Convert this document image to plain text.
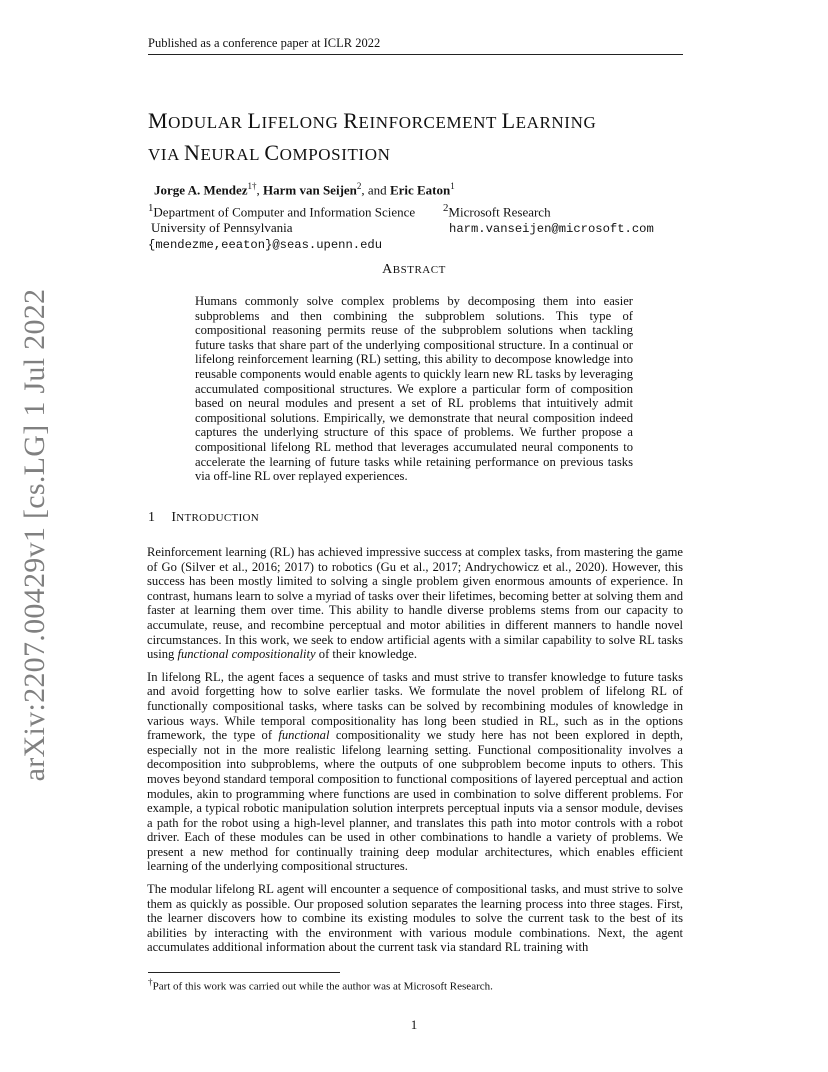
Published as a conference paper at ICLR 2022
arXiv:2207.00429v1 [cs.LG] 1 Jul 2022
MODULAR LIFELONG REINFORCEMENT LEARNING
VIA NEURAL COMPOSITION
Jorge A. Mendez$^{1\dagger}$, Harm van Seijen$^2$, and Eric Eaton$^1$
$^1$Department of Computer and Information Science
University of Pennsylvania
{mendezme,eeaton}@seas.upenn.edu
$^2$Microsoft Research
harm.vanseijen@microsoft.com
ABSTRACT
Humans commonly solve complex problems by decomposing them into easier subproblems and then combining the subproblem solutions. This type of compositional reasoning permits reuse of the subproblem solutions when tackling future tasks that share part of the underlying compositional structure. In a continual or lifelong reinforcement learning (RL) setting, this ability to decompose knowledge into reusable components would enable agents to quickly learn new RL tasks by leveraging accumulated compositional structures. We explore a particular form of composition based on neural modules and present a set of RL problems that intuitively admit compositional solutions. Empirically, we demonstrate that neural composition indeed captures the underlying structure of this space of problems. We further propose a compositional lifelong RL method that leverages accumulated neural components to accelerate the learning of future tasks while retaining performance on previous tasks via off-line RL over replayed experiences.
1 INTRODUCTION

Reinforcement learning (RL) has achieved impressive success at complex tasks, from mastering the game of Go (Silver et al., 2016; 2017) to robotics (Gu et al., 2017; Andrychowicz et al., 2020). However, this success has been mostly limited to solving a single problem given enormous amounts of experience. In contrast, humans learn to solve a myriad of tasks over their lifetimes, becoming better at solving them and faster at learning them over time. This ability to handle diverse problems stems from our capacity to accumulate, reuse, and recombine perceptual and motor abilities in different manners to handle novel circumstances. In this work, we seek to endow artificial agents with a similar capability to solve RL tasks using functional compositionality of their knowledge.

In lifelong RL, the agent faces a sequence of tasks and must strive to transfer knowledge to future tasks and avoid forgetting how to solve earlier tasks. We formulate the novel problem of lifelong RL of functionally compositional tasks, where tasks can be solved by recombining modules of knowledge in various ways. While temporal compositionality has long been studied in RL, such as in the options framework, the type of functional compositionality we study here has not been explored in depth, especially not in the more realistic lifelong learning setting. Functional compositionality involves a decomposition into subproblems, where the outputs of one subproblem become inputs to others. This moves beyond standard temporal composition to functional compositions of layered perceptual and action modules, akin to programming where functions are used in combination to solve different problems. For example, a typical robotic manipulation solution interprets perceptual inputs via a sensor module, devises a path for the robot using a high-level planner, and translates this path into motor controls with a robot driver. Each of these modules can be used in other combinations to handle a variety of problems. We present a new method for continually training deep modular architectures, which enables efficient learning of the underlying compositional structures.

The modular lifelong RL agent will encounter a sequence of compositional tasks, and must strive to solve them as quickly as possible. Our proposed solution separates the learning process into three stages. First, the learner discovers how to combine its existing modules to solve the current task to the best of its abilities by interacting with the environment with various module combinations. Next, the agent accumulates additional information about the current task via standard RL training with

†Part of this work was carried out while the author was at Microsoft Research.
1
